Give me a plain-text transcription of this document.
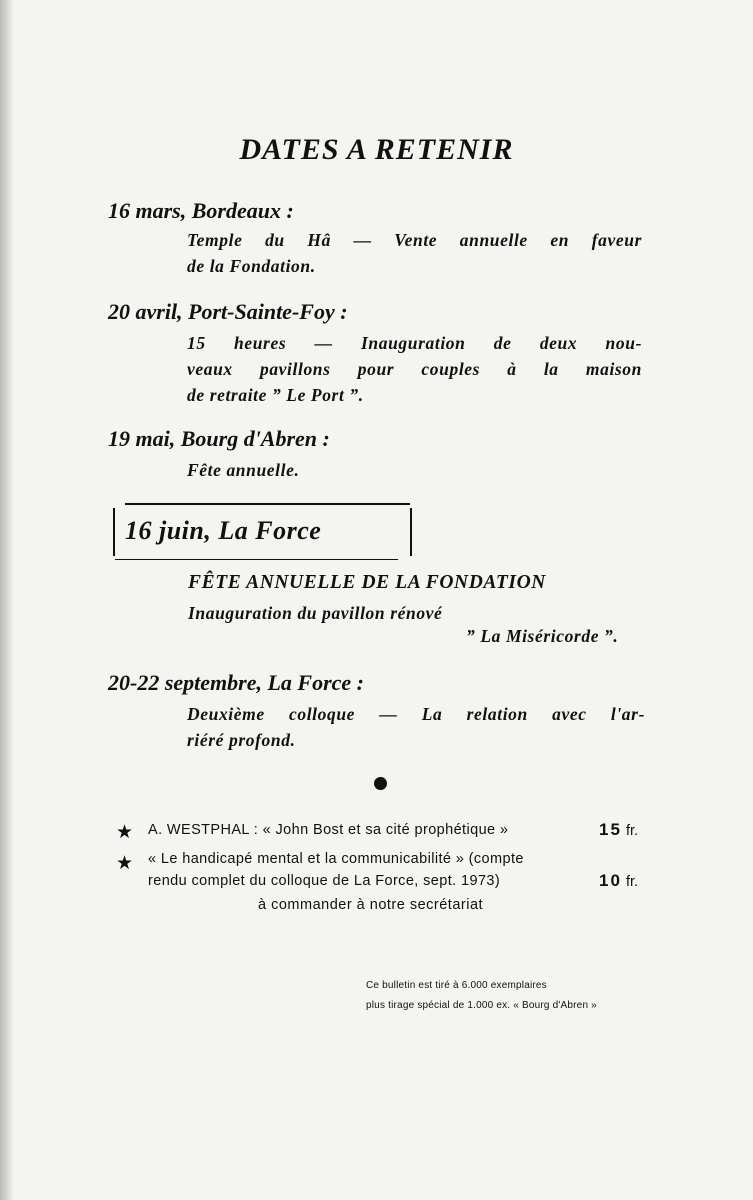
DATES A RETENIR
16 mars, Bordeaux :
Temple du Hâ — Vente annuelle en faveur
de la Fondation.
20 avril, Port-Sainte-Foy :
15 heures — Inauguration de deux nou-
veaux pavillons pour couples à la maison
de retraite ” Le Port ”.
19 mai, Bourg d'Abren :
Fête annuelle.
16 juin, La Force
FÊTE ANNUELLE DE LA FONDATION
Inauguration du pavillon rénové
” La Miséricorde ”.
20-22 septembre, La Force :
Deuxième colloque — La relation avec l'ar-
riéré profond.
★ A. WESTPHAL : « John Bost et sa cité prophétique »	15 fr.
★ « Le handicapé mental et la communicabilité » (compte
rendu complet du colloque de La Force, sept. 1973)	10 fr.
à commander à notre secrétariat
Ce bulletin est tiré à 6.000 exemplaires
plus tirage spécial de 1.000 ex. « Bourg d'Abren »
